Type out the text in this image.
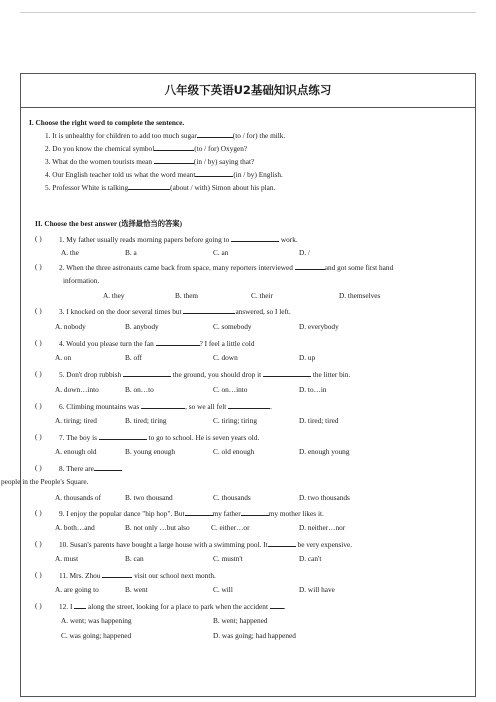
八年级下英语U2基础知识点练习
I. Choose the right word to complete the sentence.
1. It is unhealthy for children to add too much sugar	(to / for) the milk.
2. Do you know the chemical symbol	(to / for) Oxygen?
3. What do the women tourists mean	(in / by) saying that?
4. Our English teacher told us what the word meant	(in / by) English.
5. Professor White is talking	(about / with) Simon about his plan.
II. Choose the best answer (选择最恰当的答案)
( ) 1. My father usually reads morning papers before going to	work.
A. the	B. a	C. an	D. /
( ) 2. When the three astronauts came back from space, many reporters interviewed	and got some first hand
information.
A. they	B. them	C. their	D. themselves
( ) 3. I knocked on the door several times but	answered, so I left.
A. nobody	B. anybody	C. somebody	D. everybody
( ) 4. Would you please turn the fan	? I feel a little cold
A. on	B. off	C. down	D. up
( ) 5. Don't drop rubbish	the ground, you should drop it	the litter bin.
A. down…into	B. on…to	C. on…into	D. to…in
( ) 6. Climbing mountains was	, so we all felt	.
A. tiring; tired	B. tired; tiring	C. tiring; tiring	D. tired; tired
( ) 7. The boy is	to go to school. He is seven years old.
A. enough old	B. young enough	C. old enough	D. enough young
( ) 8. There are
people in the People's Square.
A. thousands of	B. two thousand	C. thousands	D. two thousands
( ) 9. I enjoy the popular dance "hip hop". But	my father	my mother likes it.
A. both…and	B. not only …but also	C. either…or	D. neither…nor
( ) 10. Susan's parents have bought a large house with a swimming pool. It	be very expensive.
A. must	B. can	C. mustn't	D. can't
( ) 11. Mrs. Zhou	visit our school next month.
A. are going to	B. went	C. will	D. will have
( ) 12. I along the street, looking for a place to park when the accident .
A. went; was happening	B. went; happened
C. was going; happened	D. was going; had happened
